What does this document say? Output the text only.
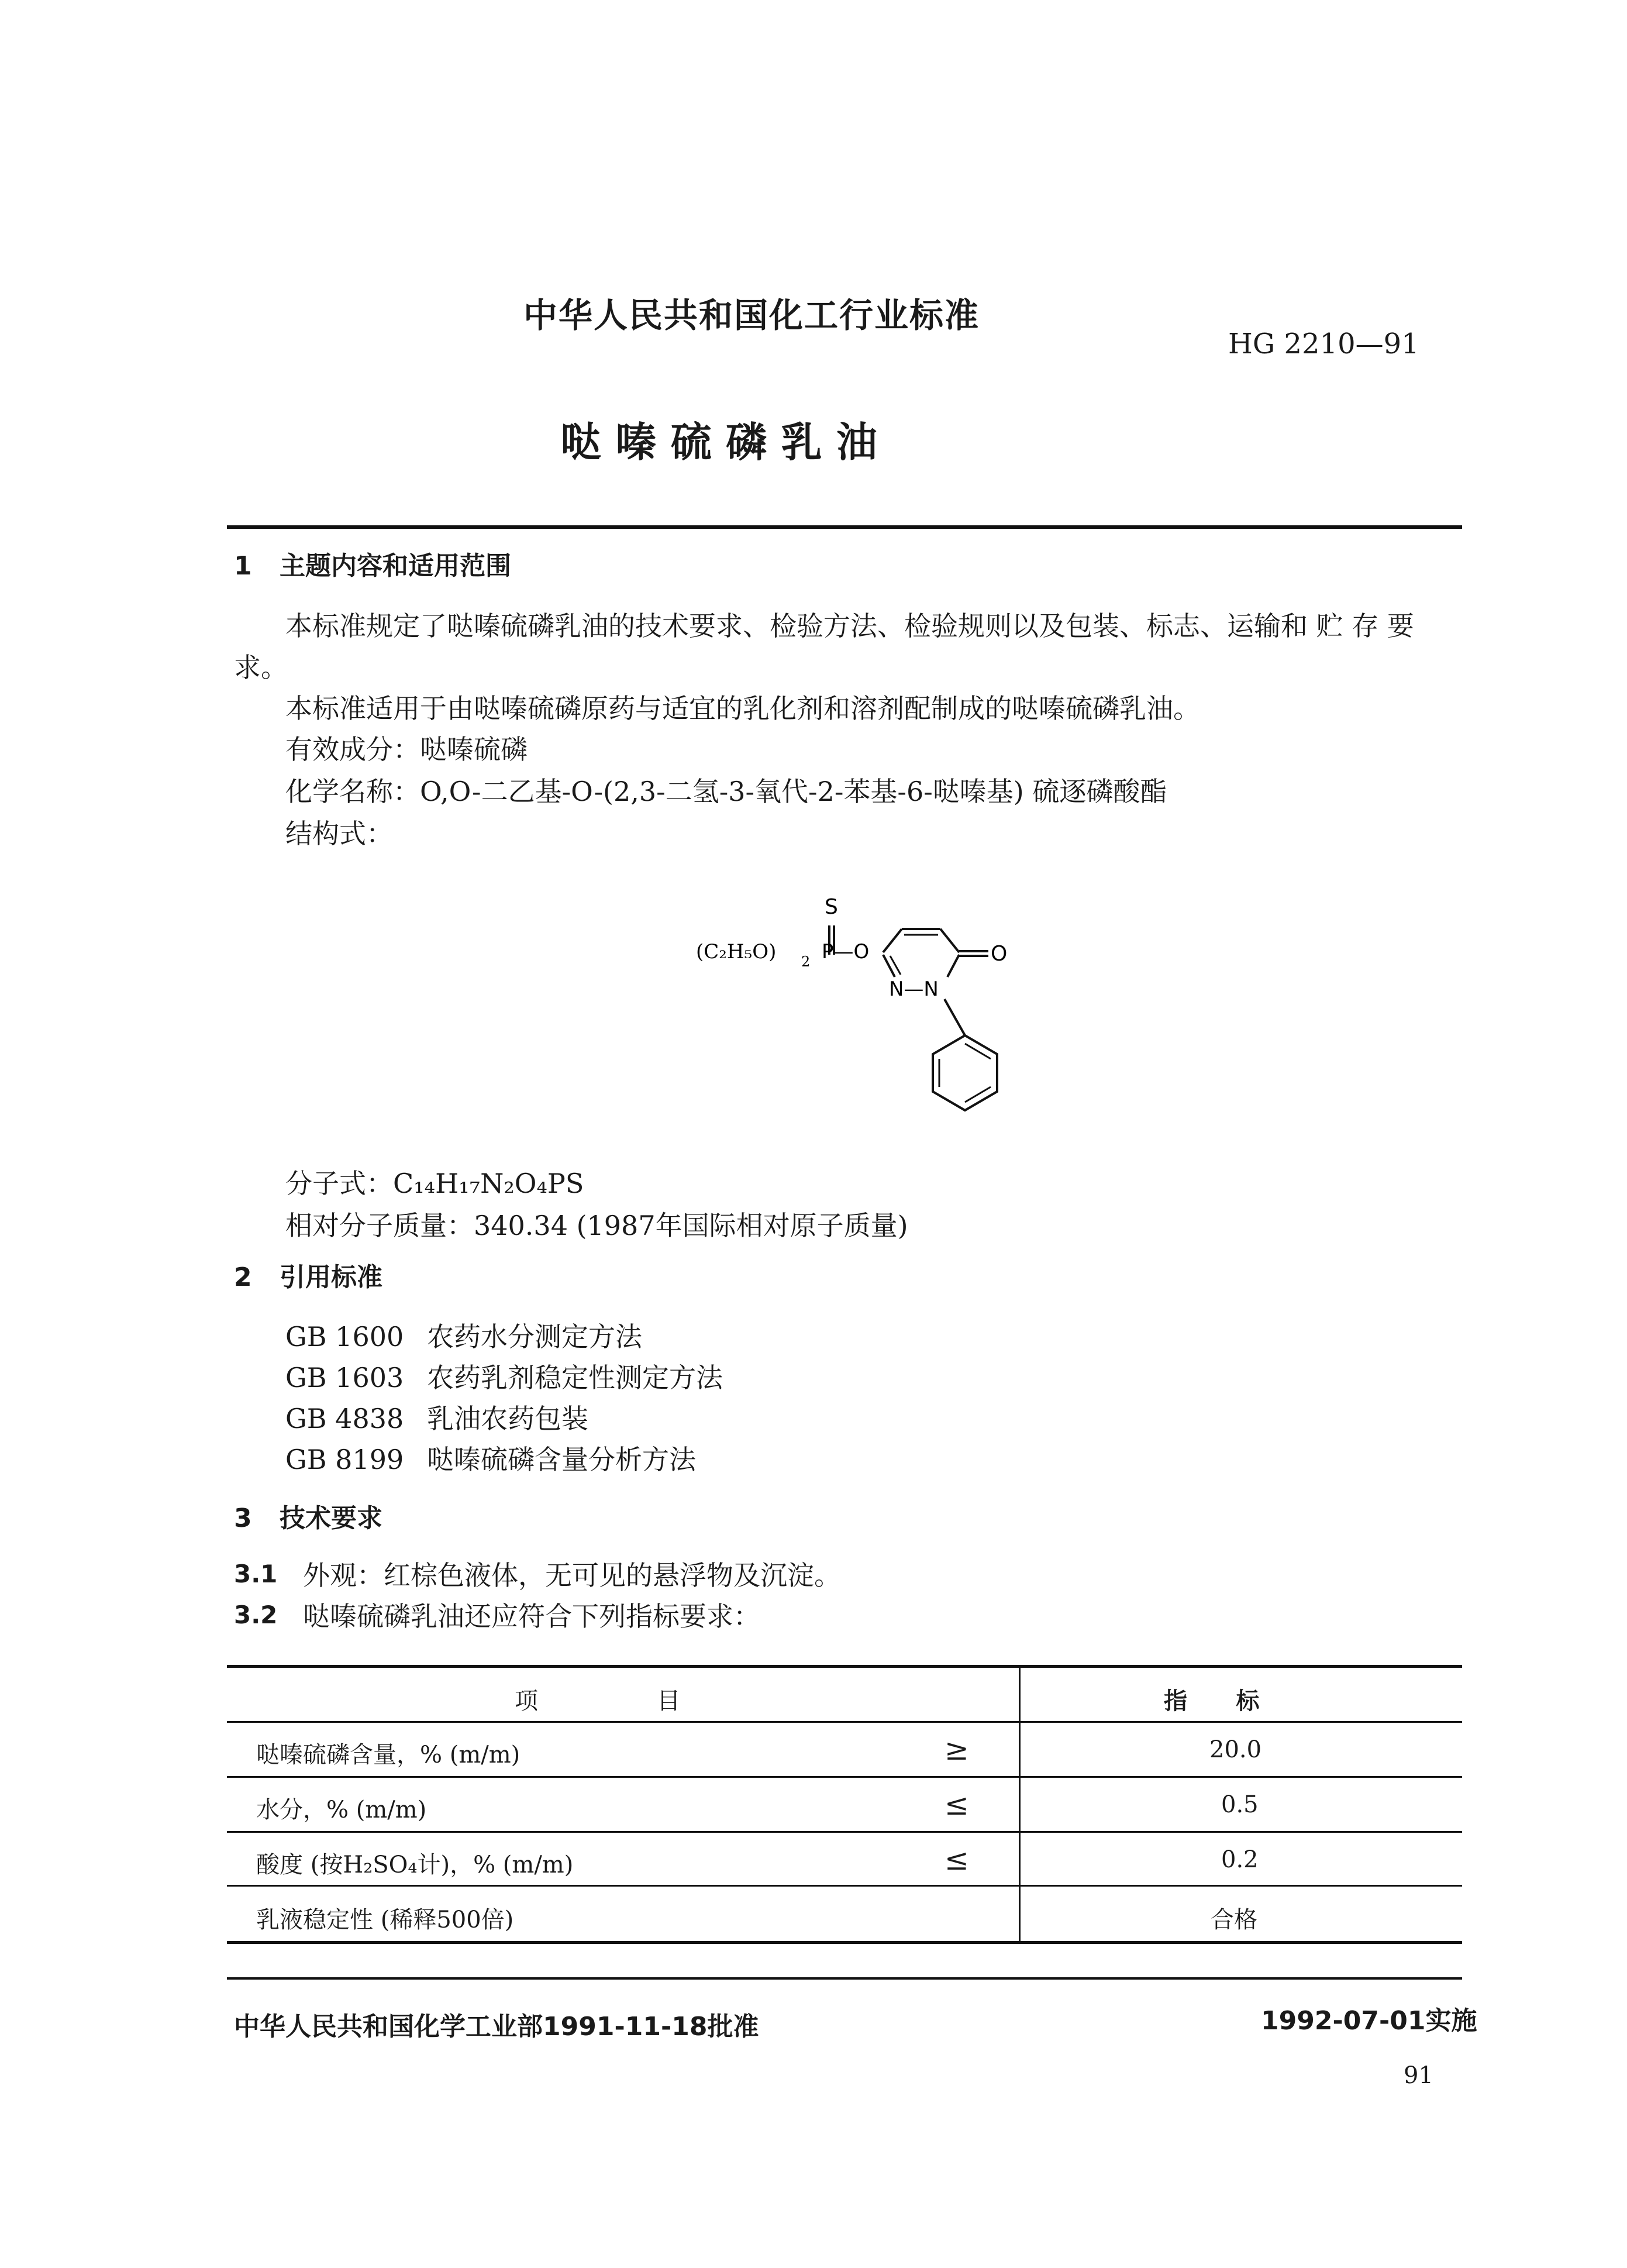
中华人民共和国化工行业标准
HG 2210—91
哒 嗪 硫 磷 乳 油
1 主题内容和适用范围
本标准规定了哒嗪硫磷乳油的技术要求、检验方法、检验规则以及包装、标志、运输和 贮 存 要
求。
本标准适用于由哒嗪硫磷原药与适宜的乳化剂和溶剂配制成的哒嗪硫磷乳油。
有效成分：哒嗪硫磷
化学名称：O,O-二乙基-O-(2,3-二氢-3-氧代-2-苯基-6-哒嗪基) 硫逐磷酸酯
结构式：
S
(C₂H₅O) 2 P—O	O
N—N
分子式：C₁₄H₁₇N₂O₄PS
相对分子质量：340.34 (1987年国际相对原子质量)
2 引用标准
GB 1600 农药水分测定方法
GB 1603 农药乳剂稳定性测定方法
GB 4838 乳油农药包装
GB 8199 哒嗪硫磷含量分析方法
3 技术要求
3.1 外观：红棕色液体，无可见的悬浮物及沉淀。
3.2 哒嗪硫磷乳油还应符合下列指标要求：
项                目	指      标
哒嗪硫磷含量，% (m/m)	≥	20.0
水分，% (m/m)	≤	0.5
酸度 (按H₂SO₄计)，% (m/m)	≤	0.2
乳液稳定性 (稀释500倍)	合格
中华人民共和国化学工业部1991-11-18批准	1992-07-01实施
91
